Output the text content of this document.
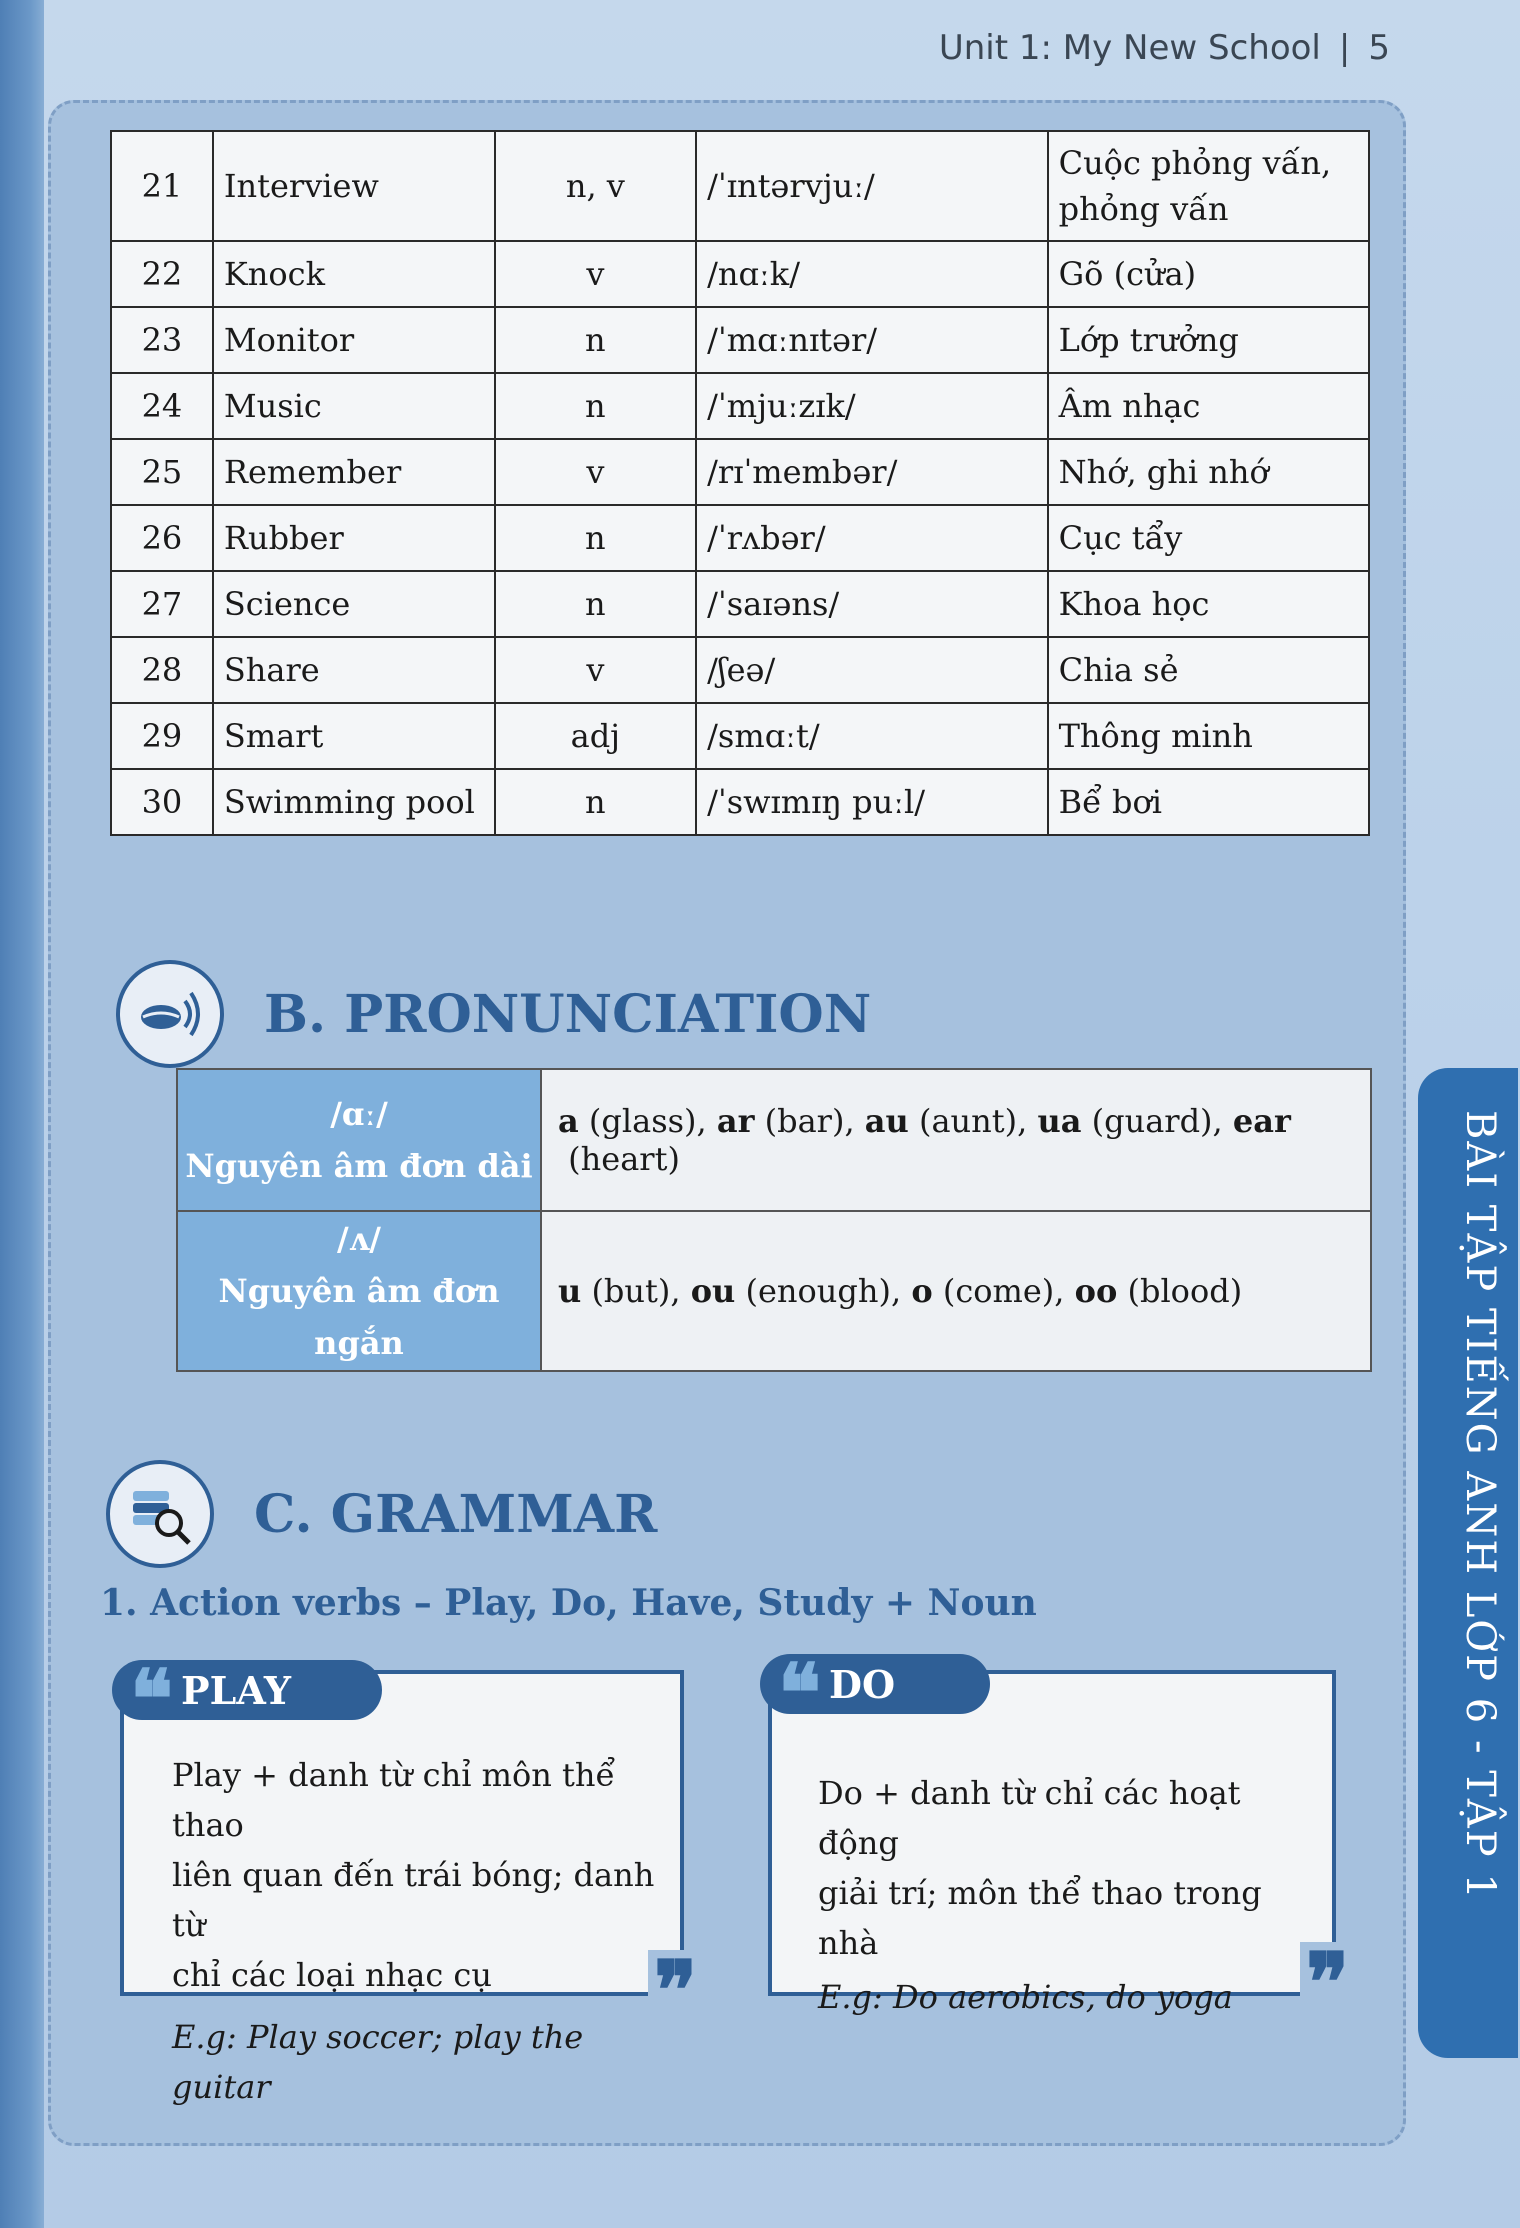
Unit 1: My New School | 5
21	Interview	n, v	/ˈɪntərvjuː/	Cuộc phỏng vấn, phỏng vấn
22	Knock	v	/nɑːk/	Gõ (cửa)
23	Monitor	n	/ˈmɑːnɪtər/	Lớp trưởng
24	Music	n	/ˈmjuːzɪk/	Âm nhạc
25	Remember	v	/rɪˈmembər/	Nhớ, ghi nhớ
26	Rubber	n	/ˈrʌbər/	Cục tẩy
27	Science	n	/ˈsaɪəns/	Khoa học
28	Share	v	/ʃeə/	Chia sẻ
29	Smart	adj	/smɑːt/	Thông minh
30	Swimming pool	n	/ˈswɪmɪŋ puːl/	Bể bơi
B. PRONUNCIATION
/ɑː/
Nguyên âm đơn dài	a (glass), ar (bar), au (aunt), ua (guard), ear (heart)

/ʌ/
Nguyên âm đơn ngắn	u (but), ou (enough), o (come), oo (blood)
C. GRAMMAR
1. Action verbs – Play, Do, Have, Study + Noun
❝ PLAY
Play + danh từ chỉ môn thể thao
liên quan đến trái bóng; danh từ
chỉ các loại nhạc cụ
E.g: Play soccer; play the guitar
❞
❝ DO
Do + danh từ chỉ các hoạt động
giải trí; môn thể thao trong nhà
E.g: Do aerobics, do yoga ❞
BÀI TẬP TIẾNG ANH LỚP 6 - TẬP 1
